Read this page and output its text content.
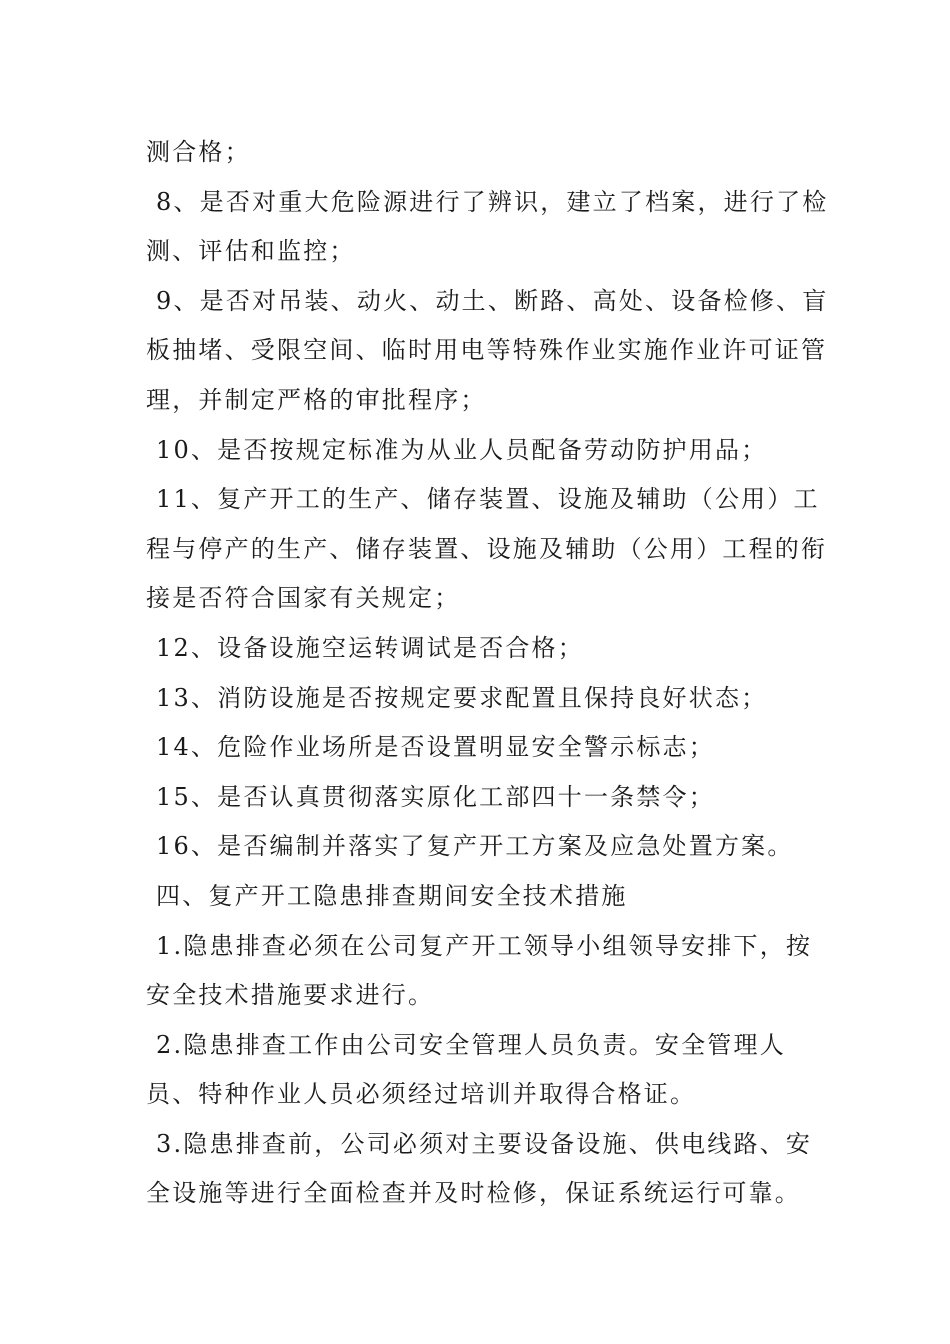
测合格；

8、是否对重大危险源进行了辨识，建立了档案，进行了检测、评估和监控；

9、是否对吊装、动火、动土、断路、高处、设备检修、盲板抽堵、受限空间、临时用电等特殊作业实施作业许可证管理，并制定严格的审批程序；

10、是否按规定标准为从业人员配备劳动防护用品；

11、复产开工的生产、储存装置、设施及辅助（公用）工程与停产的生产、储存装置、设施及辅助（公用）工程的衔接是否符合国家有关规定；

12、设备设施空运转调试是否合格；

13、消防设施是否按规定要求配置且保持良好状态；

14、危险作业场所是否设置明显安全警示标志；

15、是否认真贯彻落实原化工部四十一条禁令；

16、是否编制并落实了复产开工方案及应急处置方案。

四、复产开工隐患排查期间安全技术措施

1.隐患排查必须在公司复产开工领导小组领导安排下，按安全技术措施要求进行。

2.隐患排查工作由公司安全管理人员负责。安全管理人员、特种作业人员必须经过培训并取得合格证。

3.隐患排查前，公司必须对主要设备设施、供电线路、安全设施等进行全面检查并及时检修，保证系统运行可靠。
